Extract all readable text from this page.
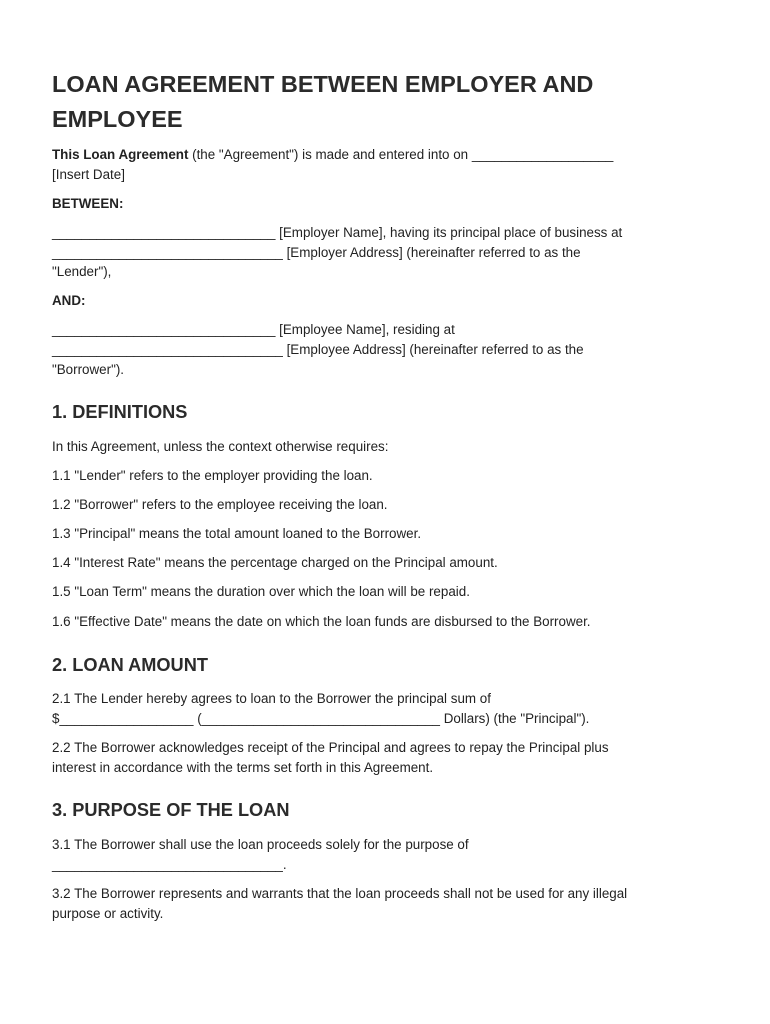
LOAN AGREEMENT BETWEEN EMPLOYER AND
EMPLOYEE
This Loan Agreement (the "Agreement") is made and entered into on ___________________
[Insert Date]
BETWEEN:
______________________________ [Employer Name], having its principal place of business at
_______________________________ [Employer Address] (hereinafter referred to as the
"Lender"),
AND:
______________________________ [Employee Name], residing at
_______________________________ [Employee Address] (hereinafter referred to as the
"Borrower").
1. DEFINITIONS
In this Agreement, unless the context otherwise requires:
1.1 "Lender" refers to the employer providing the loan.
1.2 "Borrower" refers to the employee receiving the loan.
1.3 "Principal" means the total amount loaned to the Borrower.
1.4 "Interest Rate" means the percentage charged on the Principal amount.
1.5 "Loan Term" means the duration over which the loan will be repaid.
1.6 "Effective Date" means the date on which the loan funds are disbursed to the Borrower.
2. LOAN AMOUNT
2.1 The Lender hereby agrees to loan to the Borrower the principal sum of
$__________________ (________________________________ Dollars) (the "Principal").
2.2 The Borrower acknowledges receipt of the Principal and agrees to repay the Principal plus
interest in accordance with the terms set forth in this Agreement.
3. PURPOSE OF THE LOAN
3.1 The Borrower shall use the loan proceeds solely for the purpose of
_______________________________.
3.2 The Borrower represents and warrants that the loan proceeds shall not be used for any illegal
purpose or activity.
